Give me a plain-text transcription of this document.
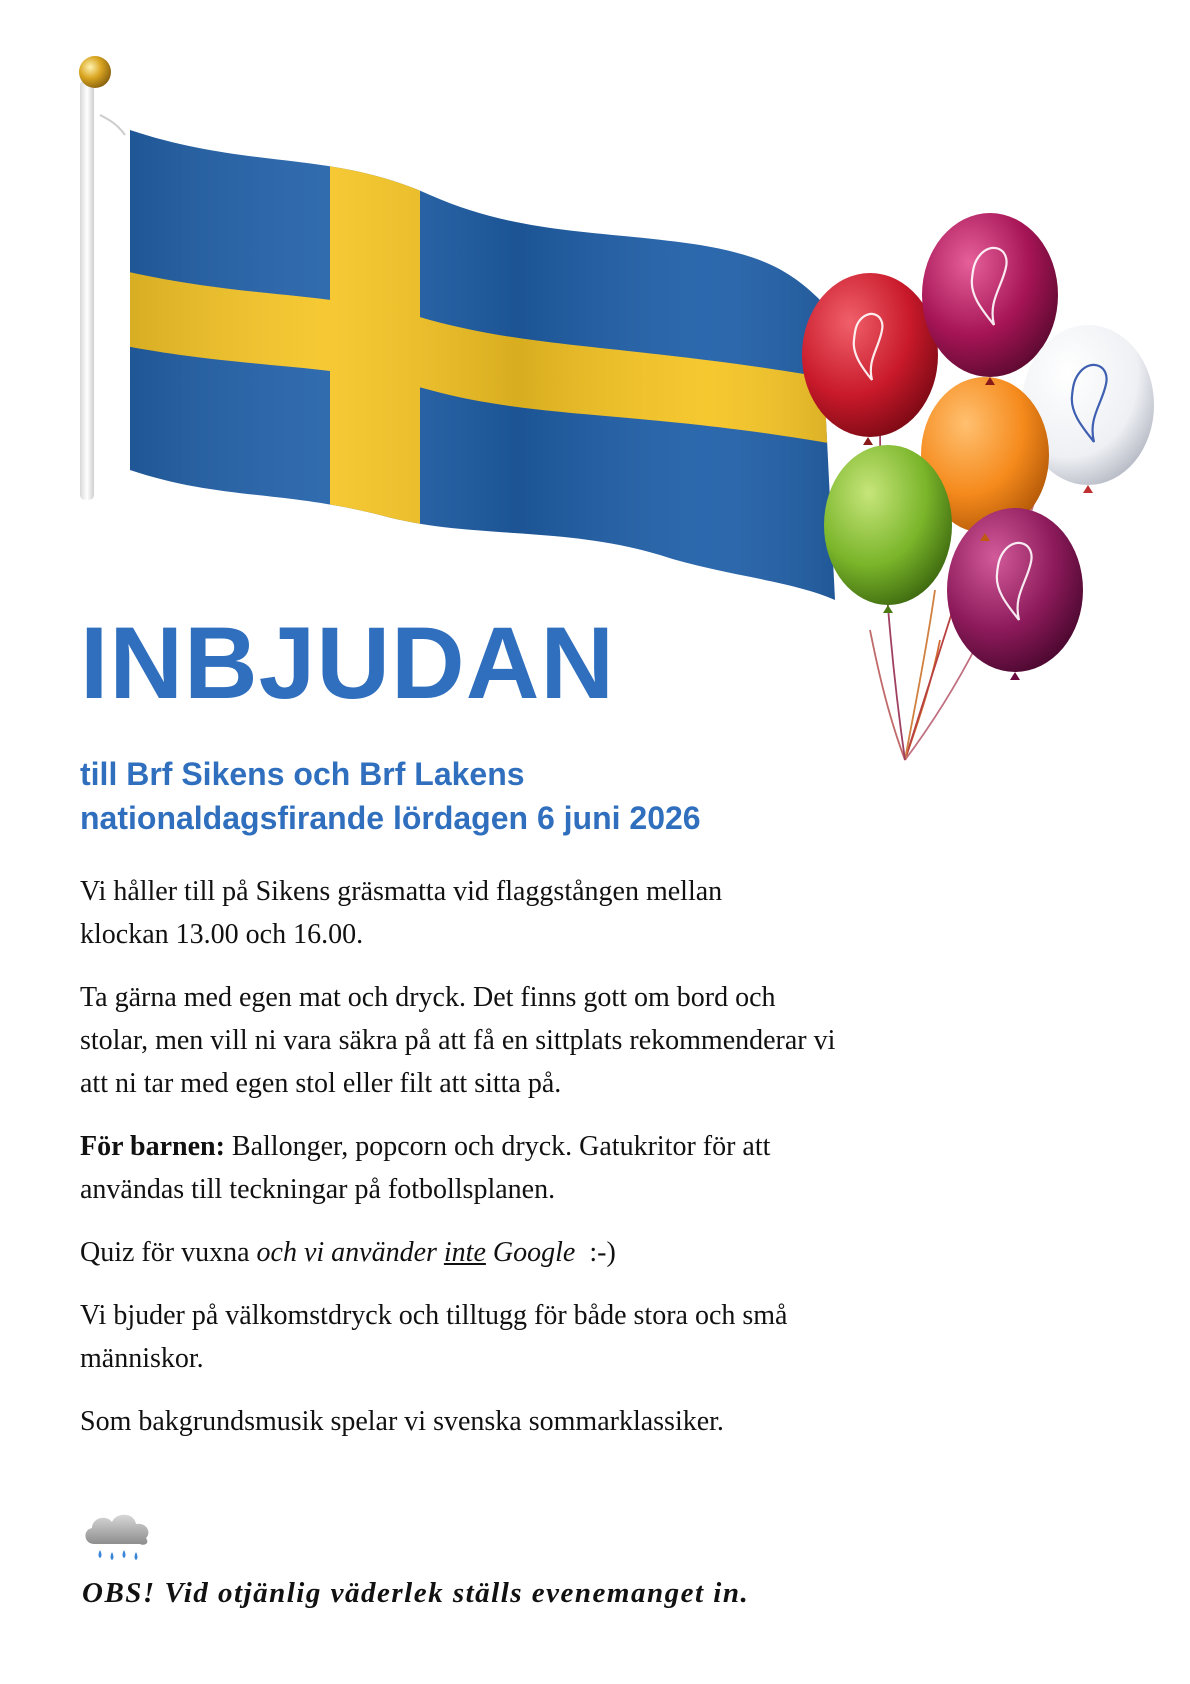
INBJUDAN
till Brf Sikens och Brf Lakens
nationaldagsfirande lördagen 6 juni 2026

Vi håller till på Sikens gräsmatta vid flaggstången mellan
klockan 13.00 och 16.00.

Ta gärna med egen mat och dryck. Det finns gott om bord och
stolar, men vill ni vara säkra på att få en sittplats rekommenderar vi
att ni tar med egen stol eller filt att sitta på.

För barnen: Ballonger, popcorn och dryck. Gatukritor för att
användas till teckningar på fotbollsplanen.

Quiz för vuxna och vi använder inte Google :-)

Vi bjuder på välkomstdryck och tilltugg för både stora och små
människor.

Som bakgrundsmusik spelar vi svenska sommarklassiker.

OBS! Vid otjänlig väderlek ställs evenemanget in.
